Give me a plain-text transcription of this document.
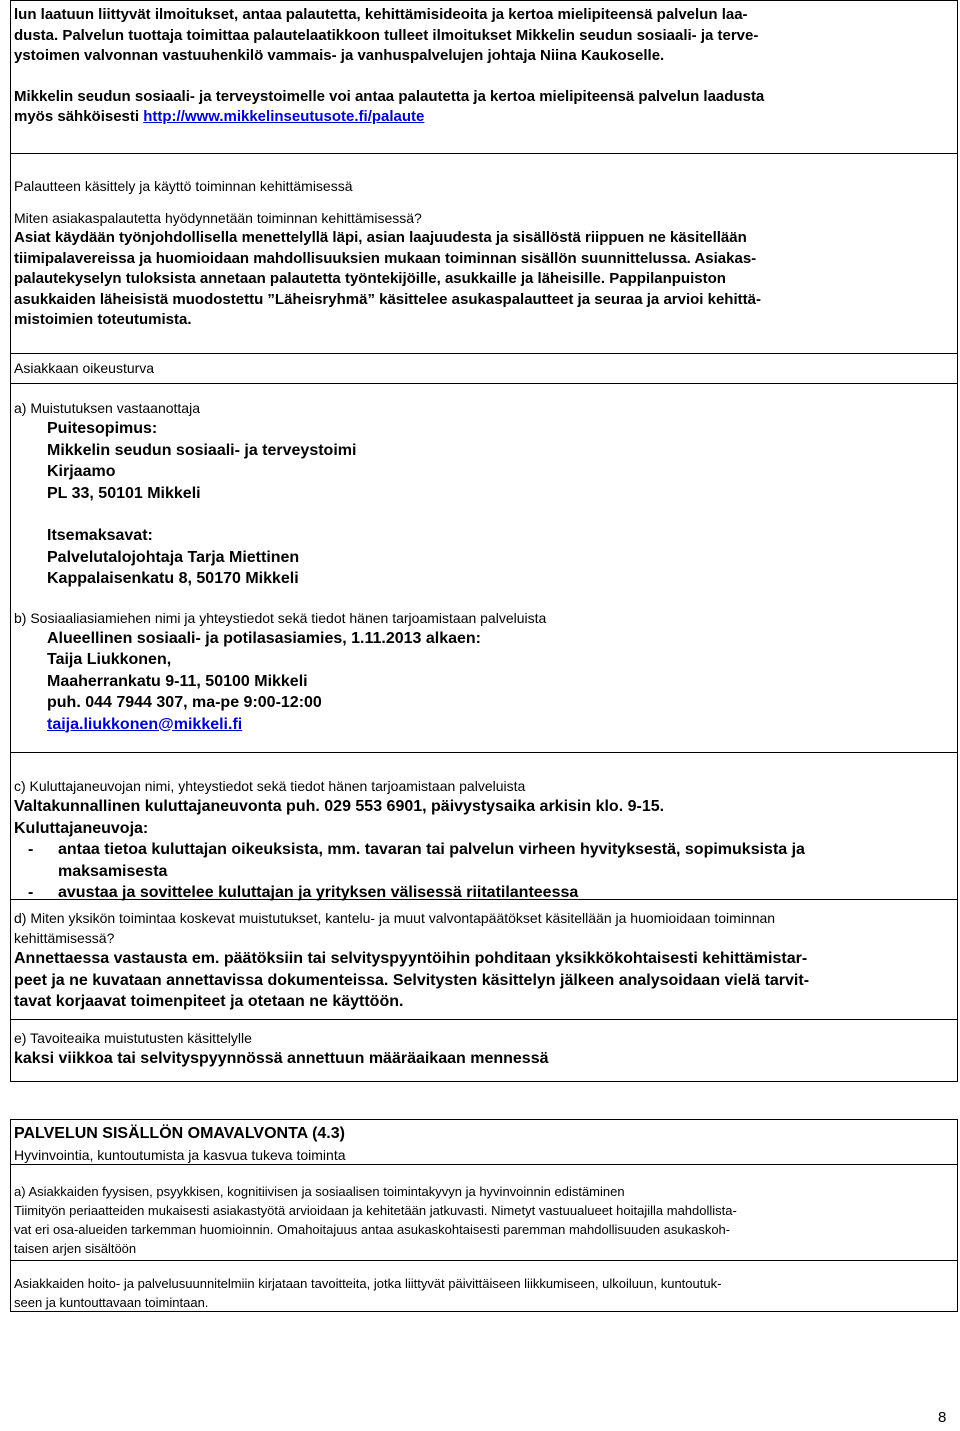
lun laatuun liittyvät ilmoitukset, antaa palautetta, kehittämisideoita ja kertoa mielipiteensä palvelun laa-
dusta. Palvelun tuottaja toimittaa palautelaatikkoon tulleet ilmoitukset Mikkelin seudun sosiaali- ja terve-
ystoimen valvonnan vastuuhenkilö vammais- ja vanhuspalvelujen johtaja Niina Kaukoselle.
Mikkelin seudun sosiaali- ja terveystoimelle voi antaa palautetta ja kertoa mielipiteensä palvelun laadusta
myös sähköisesti http://www.mikkelinseutusote.fi/palaute
Palautteen käsittely ja käyttö toiminnan kehittämisessä
Miten asiakaspalautetta hyödynnetään toiminnan kehittämisessä?
Asiat käydään työnjohdollisella menettelyllä läpi, asian laajuudesta ja sisällöstä riippuen ne käsitellään
tiimipalavereissa ja huomioidaan mahdollisuuksien mukaan toiminnan sisällön suunnittelussa. Asiakas-
palautekyselyn tuloksista annetaan palautetta työntekijöille, asukkaille ja läheisille. Pappilanpuiston
asukkaiden läheisistä muodostettu ”Läheisryhmä” käsittelee asukaspalautteet ja seuraa ja arvioi kehittä-
mistoimien toteutumista.
Asiakkaan oikeusturva
a) Muistutuksen vastaanottaja
Puitesopimus:
Mikkelin seudun sosiaali- ja terveystoimi
Kirjaamo
PL 33, 50101 Mikkeli
Itsemaksavat:
Palvelutalojohtaja Tarja Miettinen
Kappalaisenkatu 8, 50170 Mikkeli
b) Sosiaaliasiamiehen nimi ja yhteystiedot sekä tiedot hänen tarjoamistaan palveluista
Alueellinen sosiaali- ja potilasasiamies, 1.11.2013 alkaen:
Taija Liukkonen,
Maaherrankatu 9-11, 50100 Mikkeli
puh. 044 7944 307, ma-pe 9:00-12:00
taija.liukkonen@mikkeli.fi
c) Kuluttajaneuvojan nimi, yhteystiedot sekä tiedot hänen tarjoamistaan palveluista
Valtakunnallinen kuluttajaneuvonta puh. 029 553 6901, päivystysaika arkisin klo. 9-15.
Kuluttajaneuvoja:
-	antaa tietoa kuluttajan oikeuksista, mm. tavaran tai palvelun virheen hyvityksestä, sopimuksista ja
maksamisesta
-	avustaa ja sovittelee kuluttajan ja yrityksen välisessä riitatilanteessa
d) Miten yksikön toimintaa koskevat muistutukset, kantelu- ja muut valvontapäätökset käsitellään ja huomioidaan toiminnan
kehittämisessä?
Annettaessa vastausta em. päätöksiin tai selvityspyyntöihin pohditaan yksikkökohtaisesti kehittämistar-
peet ja ne kuvataan annettavissa dokumenteissa. Selvitysten käsittelyn jälkeen analysoidaan vielä tarvit-
tavat korjaavat toimenpiteet ja otetaan ne käyttöön.
e) Tavoiteaika muistutusten käsittelylle
kaksi viikkoa tai selvityspyynnössä annettuun määräaikaan mennessä
PALVELUN SISÄLLÖN OMAVALVONTA (4.3)
Hyvinvointia, kuntoutumista ja kasvua tukeva toiminta
a) Asiakkaiden fyysisen, psyykkisen, kognitiivisen ja sosiaalisen toimintakyvyn ja hyvinvoinnin edistäminen
Tiimityön periaatteiden mukaisesti asiakastyötä arvioidaan ja kehitetään jatkuvasti. Nimetyt vastuualueet hoitajilla mahdollista-
vat eri osa-alueiden tarkemman huomioinnin. Omahoitajuus antaa asukaskohtaisesti paremman mahdollisuuden asukaskoh-
taisen arjen sisältöön
Asiakkaiden hoito- ja palvelusuunnitelmiin kirjataan tavoitteita, jotka liittyvät päivittäiseen liikkumiseen, ulkoiluun, kuntoutuk-
seen ja kuntouttavaan toimintaan.
8
